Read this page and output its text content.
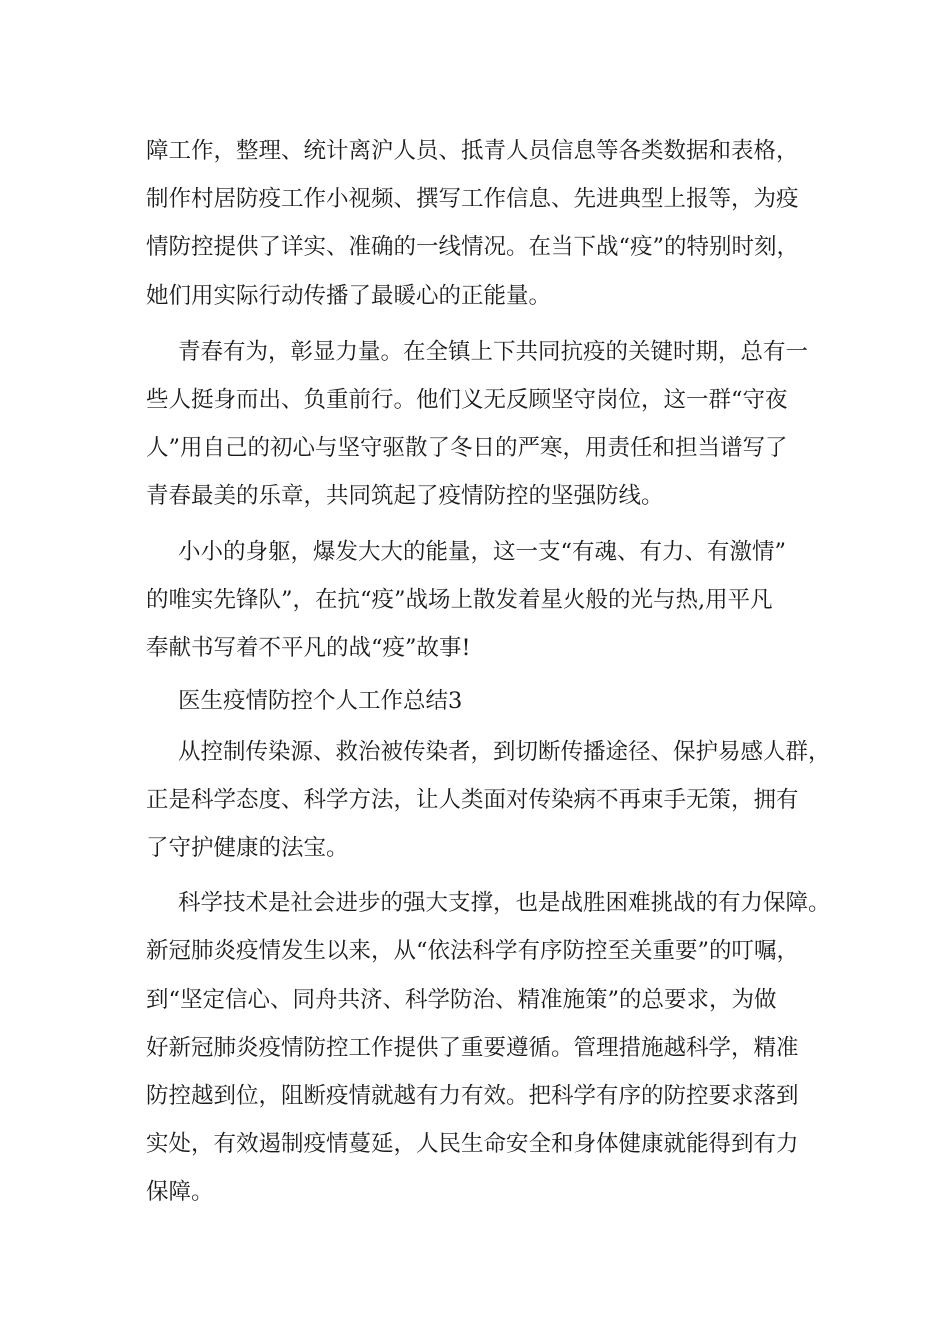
障工作，整理、统计离沪人员、抵青人员信息等各类数据和表格，
制作村居防疫工作小视频、撰写工作信息、先进典型上报等，为疫
情防控提供了详实、准确的一线情况。在当下战“疫”的特别时刻，
她们用实际行动传播了最暖心的正能量。
青春有为，彰显力量。在全镇上下共同抗疫的关键时期，总有一
些人挺身而出、负重前行。他们义无反顾坚守岗位，这一群“守夜
人”用自己的初心与坚守驱散了冬日的严寒，用责任和担当谱写了
青春最美的乐章，共同筑起了疫情防控的坚强防线。
小小的身躯，爆发大大的能量，这一支“有魂、有力、有激情”
的唯实先锋队”，在抗“疫”战场上散发着星火般的光与热,用平凡
奉献书写着不平凡的战“疫”故事!
医生疫情防控个人工作总结3
从控制传染源、救治被传染者，到切断传播途径、保护易感人群，
正是科学态度、科学方法，让人类面对传染病不再束手无策，拥有
了守护健康的法宝。
科学技术是社会进步的强大支撑，也是战胜困难挑战的有力保障。
新冠肺炎疫情发生以来，从“依法科学有序防控至关重要”的叮嘱，
到“坚定信心、同舟共济、科学防治、精准施策”的总要求，为做
好新冠肺炎疫情防控工作提供了重要遵循。管理措施越科学，精准
防控越到位，阻断疫情就越有力有效。把科学有序的防控要求落到
实处，有效遏制疫情蔓延，人民生命安全和身体健康就能得到有力
保障。
